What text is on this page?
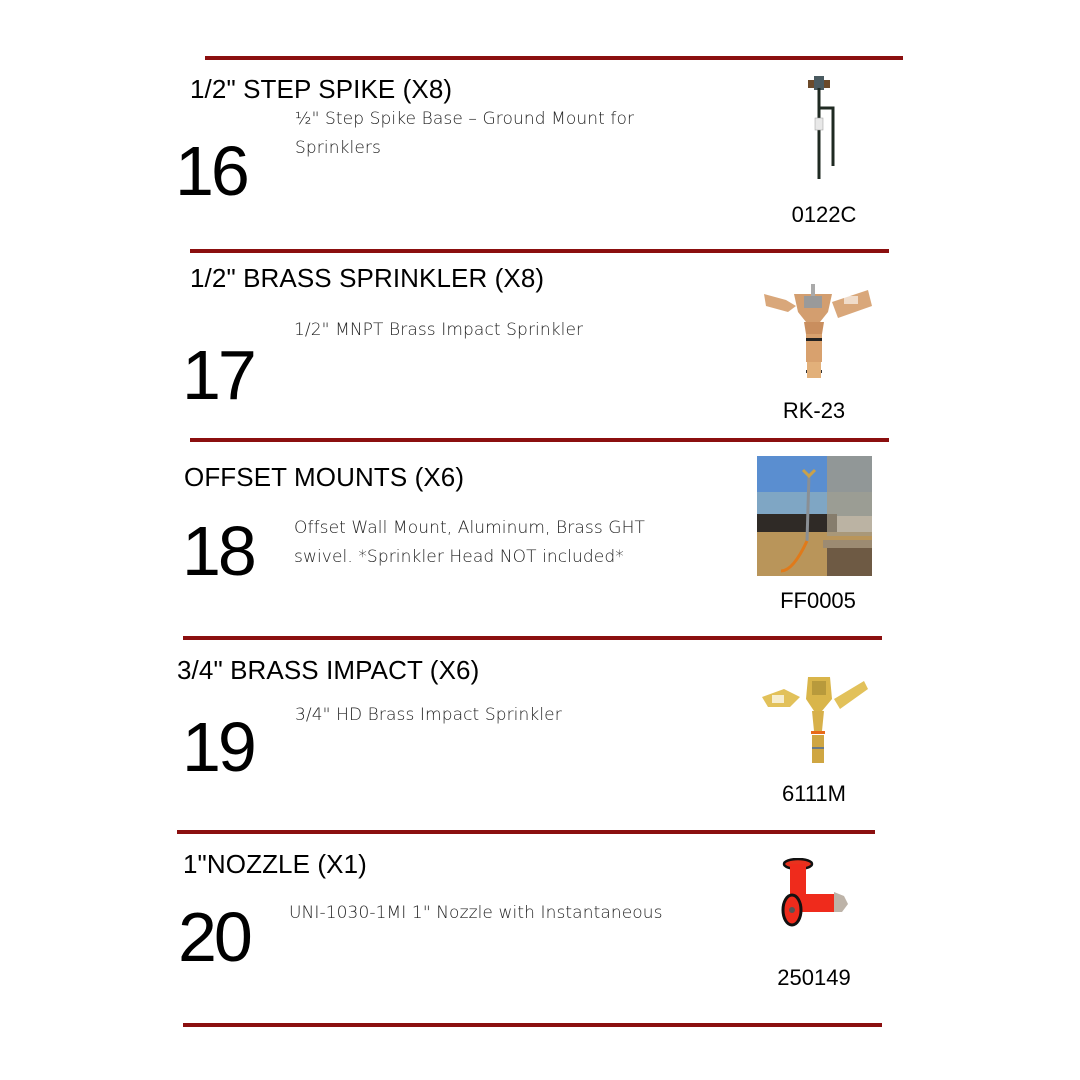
1/2" STEP SPIKE (X8)
16
½" Step Spike Base – Ground Mount for Sprinklers
0122C
1/2" BRASS SPRINKLER (X8)
17
1/2" MNPT Brass Impact Sprinkler
RK-23
OFFSET MOUNTS (X6)
18 Offset Wall Mount, Aluminum, Brass GHT swivel. *Sprinkler Head NOT included*
FF0005
3/4" BRASS IMPACT (X6)
19 3/4" HD Brass Impact Sprinkler
6111M
1"NOZZLE (X1)
20 UNI-1030-1MI 1" Nozzle with Instantaneous
250149
